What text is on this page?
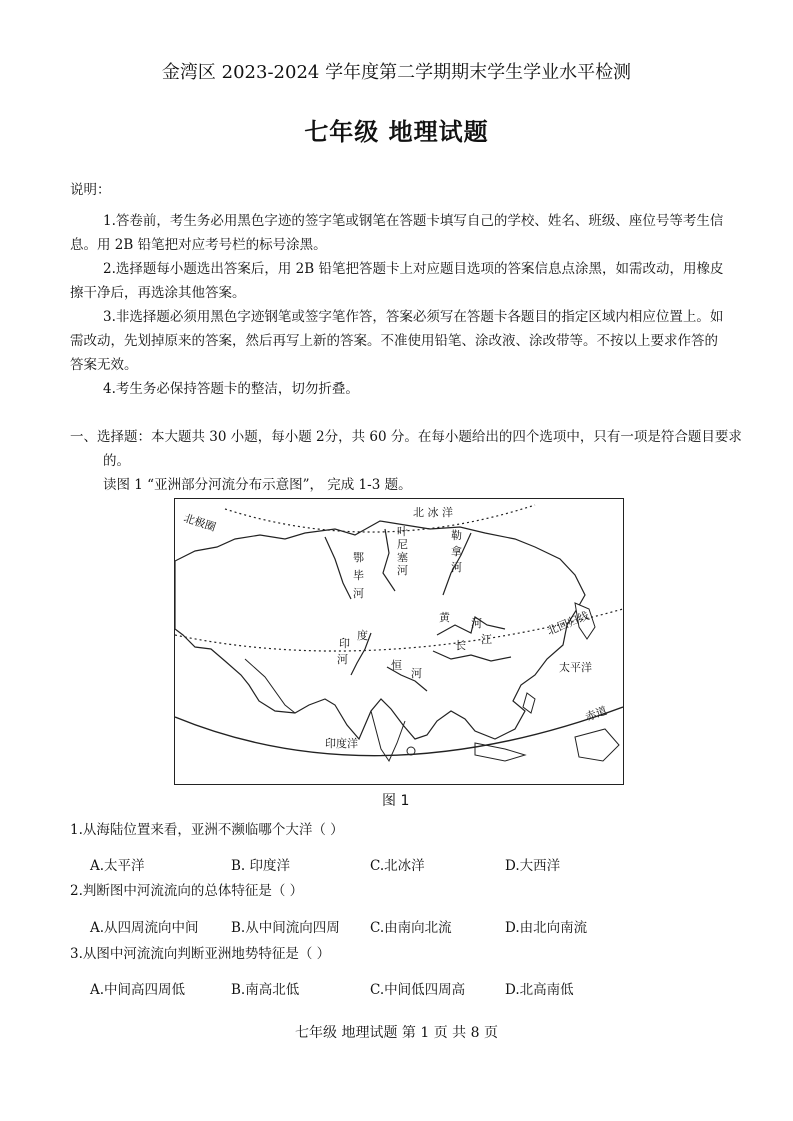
金湾区 2023-2024 学年度第二学期期末学生学业水平检测
七年级 地理试题
说明：
1.答卷前，考生务必用黑色字迹的签字笔或钢笔在答题卡填写自己的学校、姓名、班级、座位号等考生信息。用 2B 铅笔把对应考号栏的标号涂黑。
2.选择题每小题选出答案后，用 2B 铅笔把答题卡上对应题目选项的答案信息点涂黑，如需改动，用橡皮擦干净后，再选涂其他答案。
3.非选择题必须用黑色字迹钢笔或签字笔作答，答案必须写在答题卡各题目的指定区域内相应位置上。如需改动，先划掉原来的答案，然后再写上新的答案。不准使用铅笔、涂改液、涂改带等。不按以上要求作答的答案无效。
4.考生务必保持答题卡的整洁，切勿折叠。
一、选择题：本大题共 30 小题，每小题 2分，共 60 分。在每小题给出的四个选项中，只有一项是符合题目要求的。
读图 1 “亚洲部分河流分布示意图”， 完成 1-3 题。
北 冰 洋
北极圈
北回归线
赤道
太平洋
印度洋
叶
尼
塞
河
鄂
毕
河
勒
拿
河
黄 河
长 江
印
度
河	恒
河
图 1
1.从海陆位置来看，亚洲不濒临哪个大洋（ ）
A.太平洋	B. 印度洋	C.北冰洋	D.大西洋
2.判断图中河流流向的总体特征是（ ）
A.从四周流向中间 B.从中间流向四周 C.由南向北流	D.由北向南流
3.从图中河流流向判断亚洲地势特征是（ ）
A.中间高四周低	B.南高北低	C.中间低四周高	D.北高南低
七年级 地理试题 第 1 页 共 8 页
